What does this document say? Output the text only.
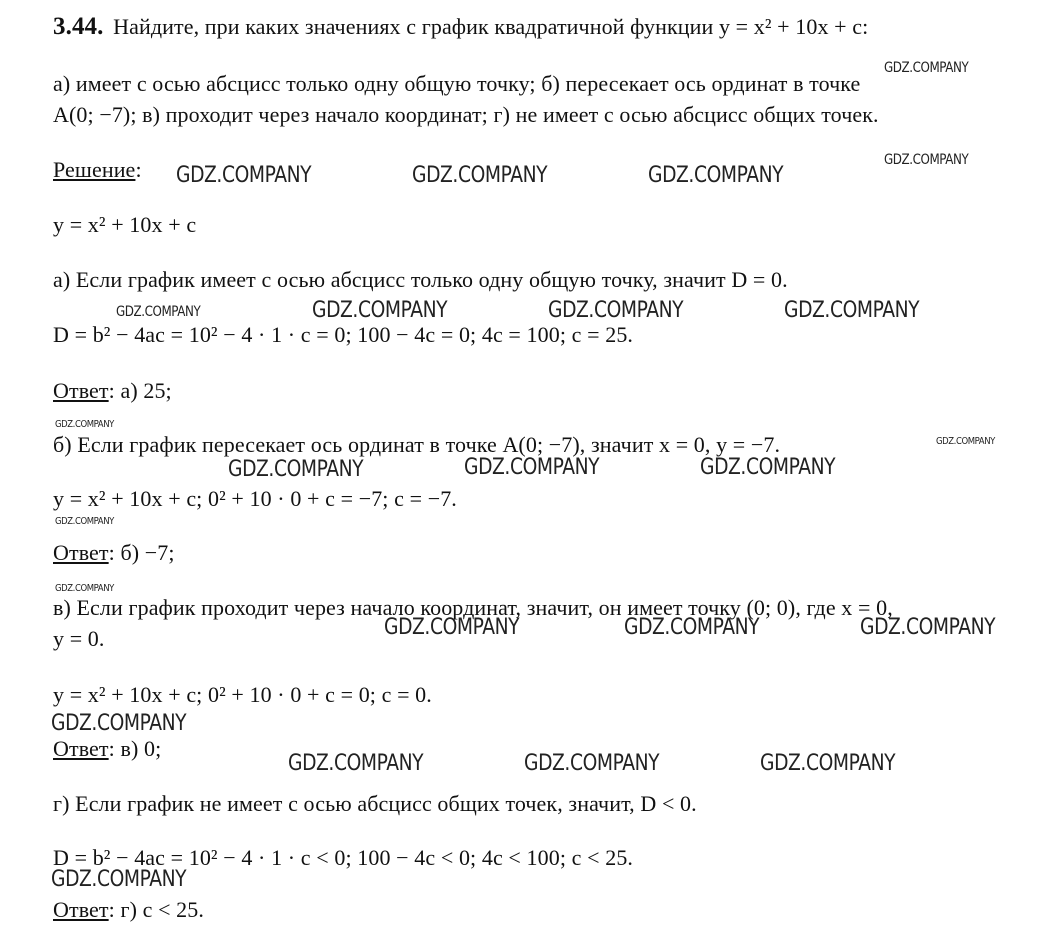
3.44. Найдите, при каких значениях с график квадратичной функции y = x² + 10x + c:
а) имеет с осью абсцисс только одну общую точку; б) пересекает ось ординат в точке
A(0; −7); в) проходит через начало координат; г) не имеет с осью абсцисс общих точек.
Решение:
y = x² + 10x + c
а) Если график имеет с осью абсцисс только одну общую точку, значит D = 0.
D = b² − 4ac = 10² − 4 · 1 · c = 0; 100 − 4c = 0; 4c = 100; c = 25.
Ответ: а) 25;
б) Если график пересекает ось ординат в точке A(0; −7), значит x = 0, y = −7.
y = x² + 10x + c; 0² + 10 · 0 + c = −7; c = −7.
Ответ: б) −7;
в) Если график проходит через начало координат, значит, он имеет точку (0; 0), где x = 0,
y = 0.
y = x² + 10x + c; 0² + 10 · 0 + c = 0; c = 0.
Ответ: в) 0;
г) Если график не имеет с осью абсцисс общих точек, значит, D < 0.
D = b² − 4ac = 10² − 4 · 1 · c < 0; 100 − 4c < 0; 4c < 100; c < 25.
Ответ: г) c < 25.
GDZ.COMPANY
GDZ.COMPANY
GDZ.COMPANY	GDZ.COMPANY	GDZ.COMPANY
GDZ.COMPANY	GDZ.COMPANY	GDZ.COMPANY	GDZ.COMPANY
GDZ.COMPANY
GDZ.COMPANY
GDZ.COMPANY	GDZ.COMPANY	GDZ.COMPANY
GDZ.COMPANY
GDZ.COMPANY
GDZ.COMPANY	GDZ.COMPANY	GDZ.COMPANY
GDZ.COMPANY
GDZ.COMPANY	GDZ.COMPANY	GDZ.COMPANY
GDZ.COMPANY
